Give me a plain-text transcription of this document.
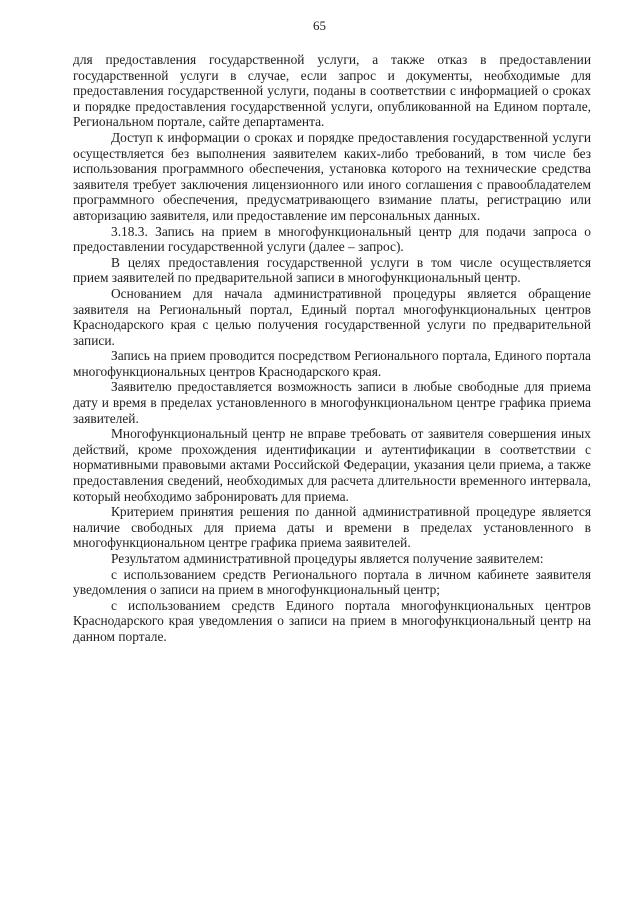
65

для предоставления государственной услуги, а также отказ в предоставлении государственной услуги в случае, если запрос и документы, необходимые для предоставления государственной услуги, поданы в соответствии с информацией о сроках и порядке предоставления государственной услуги, опубликованной на Едином портале, Региональном портале, сайте департамента.

Доступ к информации о сроках и порядке предоставления государственной услуги осуществляется без выполнения заявителем каких-либо требований, в том числе без использования программного обеспечения, установка которого на технические средства заявителя требует заключения лицензионного или иного соглашения с правообладателем программного обеспечения, предусматривающего взимание платы, регистрацию или авторизацию заявителя, или предоставление им персональных данных.

3.18.3. Запись на прием в многофункциональный центр для подачи запроса о предоставлении государственной услуги (далее – запрос).

В целях предоставления государственной услуги в том числе осуществляется прием заявителей по предварительной записи в многофункциональный центр.

Основанием для начала административной процедуры является обращение заявителя на Региональный портал, Единый портал многофункциональных центров Краснодарского края с целью получения государственной услуги по предварительной записи.

Запись на прием проводится посредством Регионального портала, Единого портала многофункциональных центров Краснодарского края.

Заявителю предоставляется возможность записи в любые свободные для приема дату и время в пределах установленного в многофункциональном центре графика приема заявителей.

Многофункциональный центр не вправе требовать от заявителя совершения иных действий, кроме прохождения идентификации и аутентификации в соответствии с нормативными правовыми актами Российской Федерации, указания цели приема, а также предоставления сведений, необходимых для расчета длительности временного интервала, который необходимо забронировать для приема.

Критерием принятия решения по данной административной процедуре является наличие свободных для приема даты и времени в пределах установленного в многофункциональном центре графика приема заявителей.

Результатом административной процедуры является получение заявителем:

с использованием средств Регионального портала в личном кабинете заявителя уведомления о записи на прием в многофункциональный центр;

с использованием средств Единого портала многофункциональных центров Краснодарского края уведомления о записи на прием в многофункциональный центр на данном портале.
